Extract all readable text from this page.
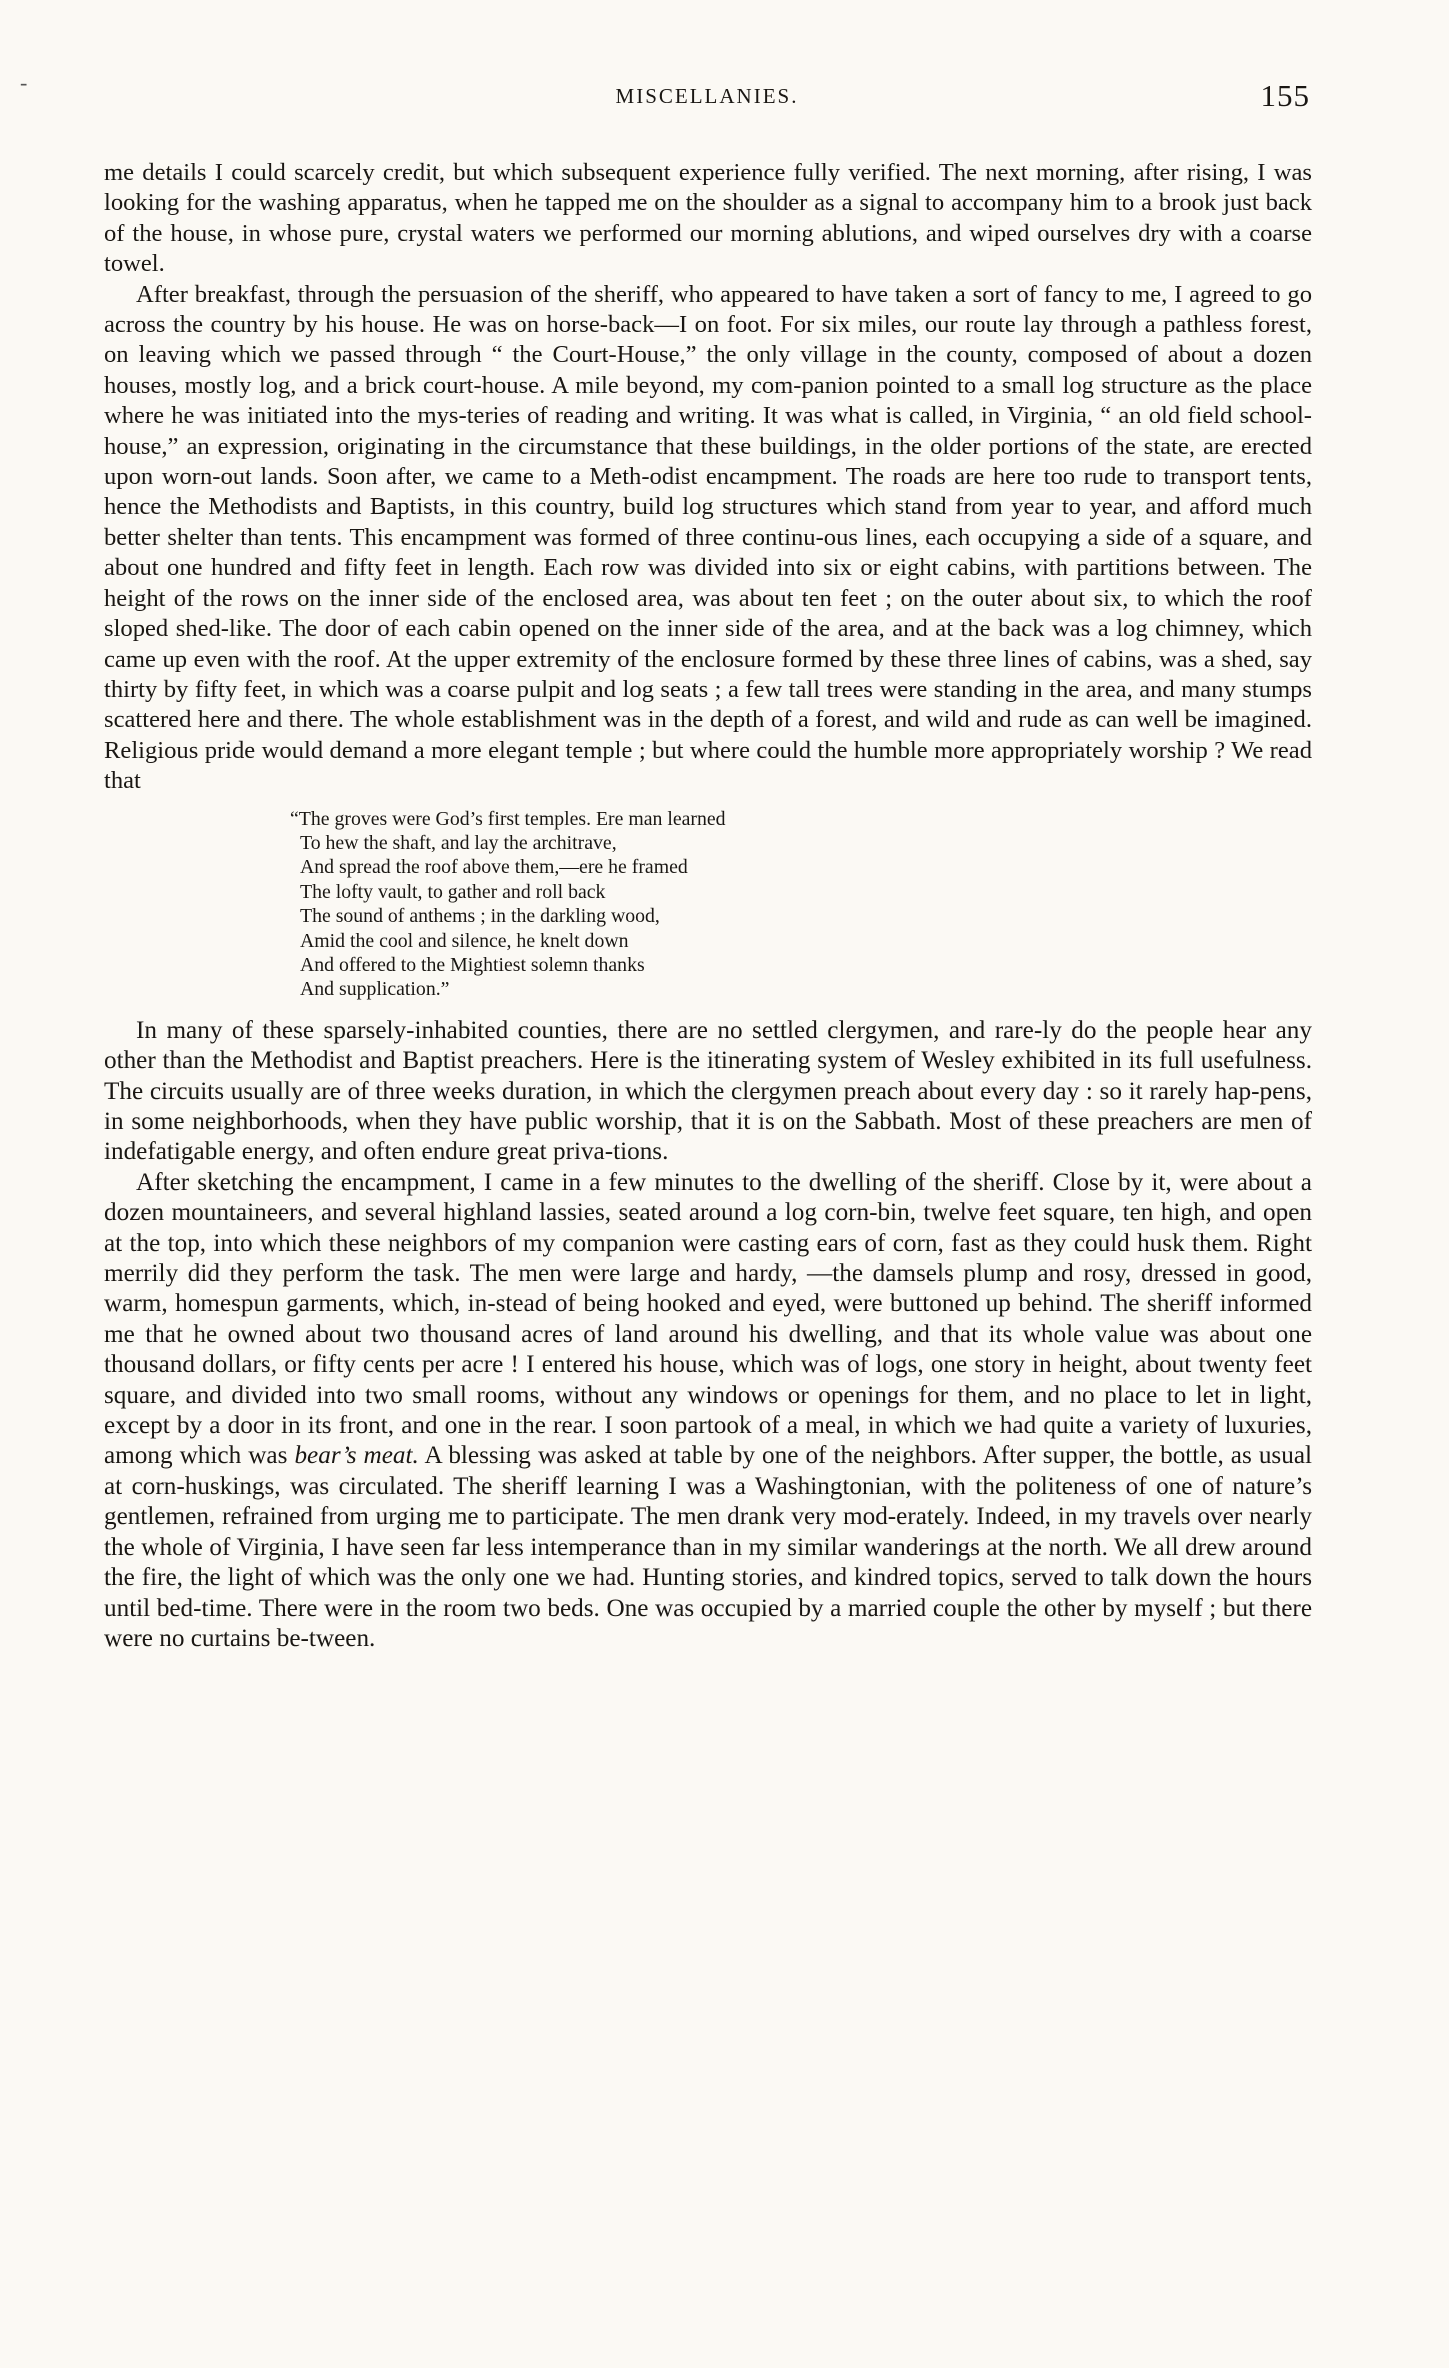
-
MISCELLANIES.	155

me details I could scarcely credit, but which subsequent experience fully verified. The next morning, after rising, I was looking for the washing apparatus, when he tapped me on the shoulder as a signal to accompany him to a brook just back of the house, in whose pure, crystal waters we performed our morning ablutions, and wiped ourselves dry with a coarse towel.

After breakfast, through the persuasion of the sheriff, who appeared to have taken a sort of fancy to me, I agreed to go across the country by his house. He was on horse-back—I on foot. For six miles, our route lay through a pathless forest, on leaving which we passed through “ the Court-House,” the only village in the county, composed of about a dozen houses, mostly log, and a brick court-house. A mile beyond, my com-panion pointed to a small log structure as the place where he was initiated into the mys-teries of reading and writing. It was what is called, in Virginia, “ an old field school-house,” an expression, originating in the circumstance that these buildings, in the older portions of the state, are erected upon worn-out lands. Soon after, we came to a Meth-odist encampment. The roads are here too rude to transport tents, hence the Methodists and Baptists, in this country, build log structures which stand from year to year, and afford much better shelter than tents. This encampment was formed of three continu-ous lines, each occupying a side of a square, and about one hundred and fifty feet in length. Each row was divided into six or eight cabins, with partitions between. The height of the rows on the inner side of the enclosed area, was about ten feet ; on the outer about six, to which the roof sloped shed-like. The door of each cabin opened on the inner side of the area, and at the back was a log chimney, which came up even with the roof. At the upper extremity of the enclosure formed by these three lines of cabins, was a shed, say thirty by fifty feet, in which was a coarse pulpit and log seats ; a few tall trees were standing in the area, and many stumps scattered here and there. The whole establishment was in the depth of a forest, and wild and rude as can well be imagined. Religious pride would demand a more elegant temple ; but where could the humble more appropriately worship ? We read that

“The groves were God’s first temples. Ere man learned
To hew the shaft, and lay the architrave,
And spread the roof above them,—ere he framed
The lofty vault, to gather and roll back
The sound of anthems ; in the darkling wood,
Amid the cool and silence, he knelt down
And offered to the Mightiest solemn thanks
And supplication.”

In many of these sparsely-inhabited counties, there are no settled clergymen, and rare-ly do the people hear any other than the Methodist and Baptist preachers. Here is the itinerating system of Wesley exhibited in its full usefulness. The circuits usually are of three weeks duration, in which the clergymen preach about every day : so it rarely hap-pens, in some neighborhoods, when they have public worship, that it is on the Sabbath. Most of these preachers are men of indefatigable energy, and often endure great priva-tions.

After sketching the encampment, I came in a few minutes to the dwelling of the sheriff. Close by it, were about a dozen mountaineers, and several highland lassies, seated around a log corn-bin, twelve feet square, ten high, and open at the top, into which these neighbors of my companion were casting ears of corn, fast as they could husk them. Right merrily did they perform the task. The men were large and hardy, —the damsels plump and rosy, dressed in good, warm, homespun garments, which, in-stead of being hooked and eyed, were buttoned up behind. The sheriff informed me that he owned about two thousand acres of land around his dwelling, and that its whole value was about one thousand dollars, or fifty cents per acre ! I entered his house, which was of logs, one story in height, about twenty feet square, and divided into two small rooms, without any windows or openings for them, and no place to let in light, except by a door in its front, and one in the rear. I soon partook of a meal, in which we had quite a variety of luxuries, among which was bear’s meat. A blessing was asked at table by one of the neighbors. After supper, the bottle, as usual at corn-huskings, was circulated. The sheriff learning I was a Washingtonian, with the politeness of one of nature’s gentlemen, refrained from urging me to participate. The men drank very mod-erately. Indeed, in my travels over nearly the whole of Virginia, I have seen far less intemperance than in my similar wanderings at the north. We all drew around the fire, the light of which was the only one we had. Hunting stories, and kindred topics, served to talk down the hours until bed-time. There were in the room two beds. One was occupied by a married couple the other by myself ; but there were no curtains be-tween.
